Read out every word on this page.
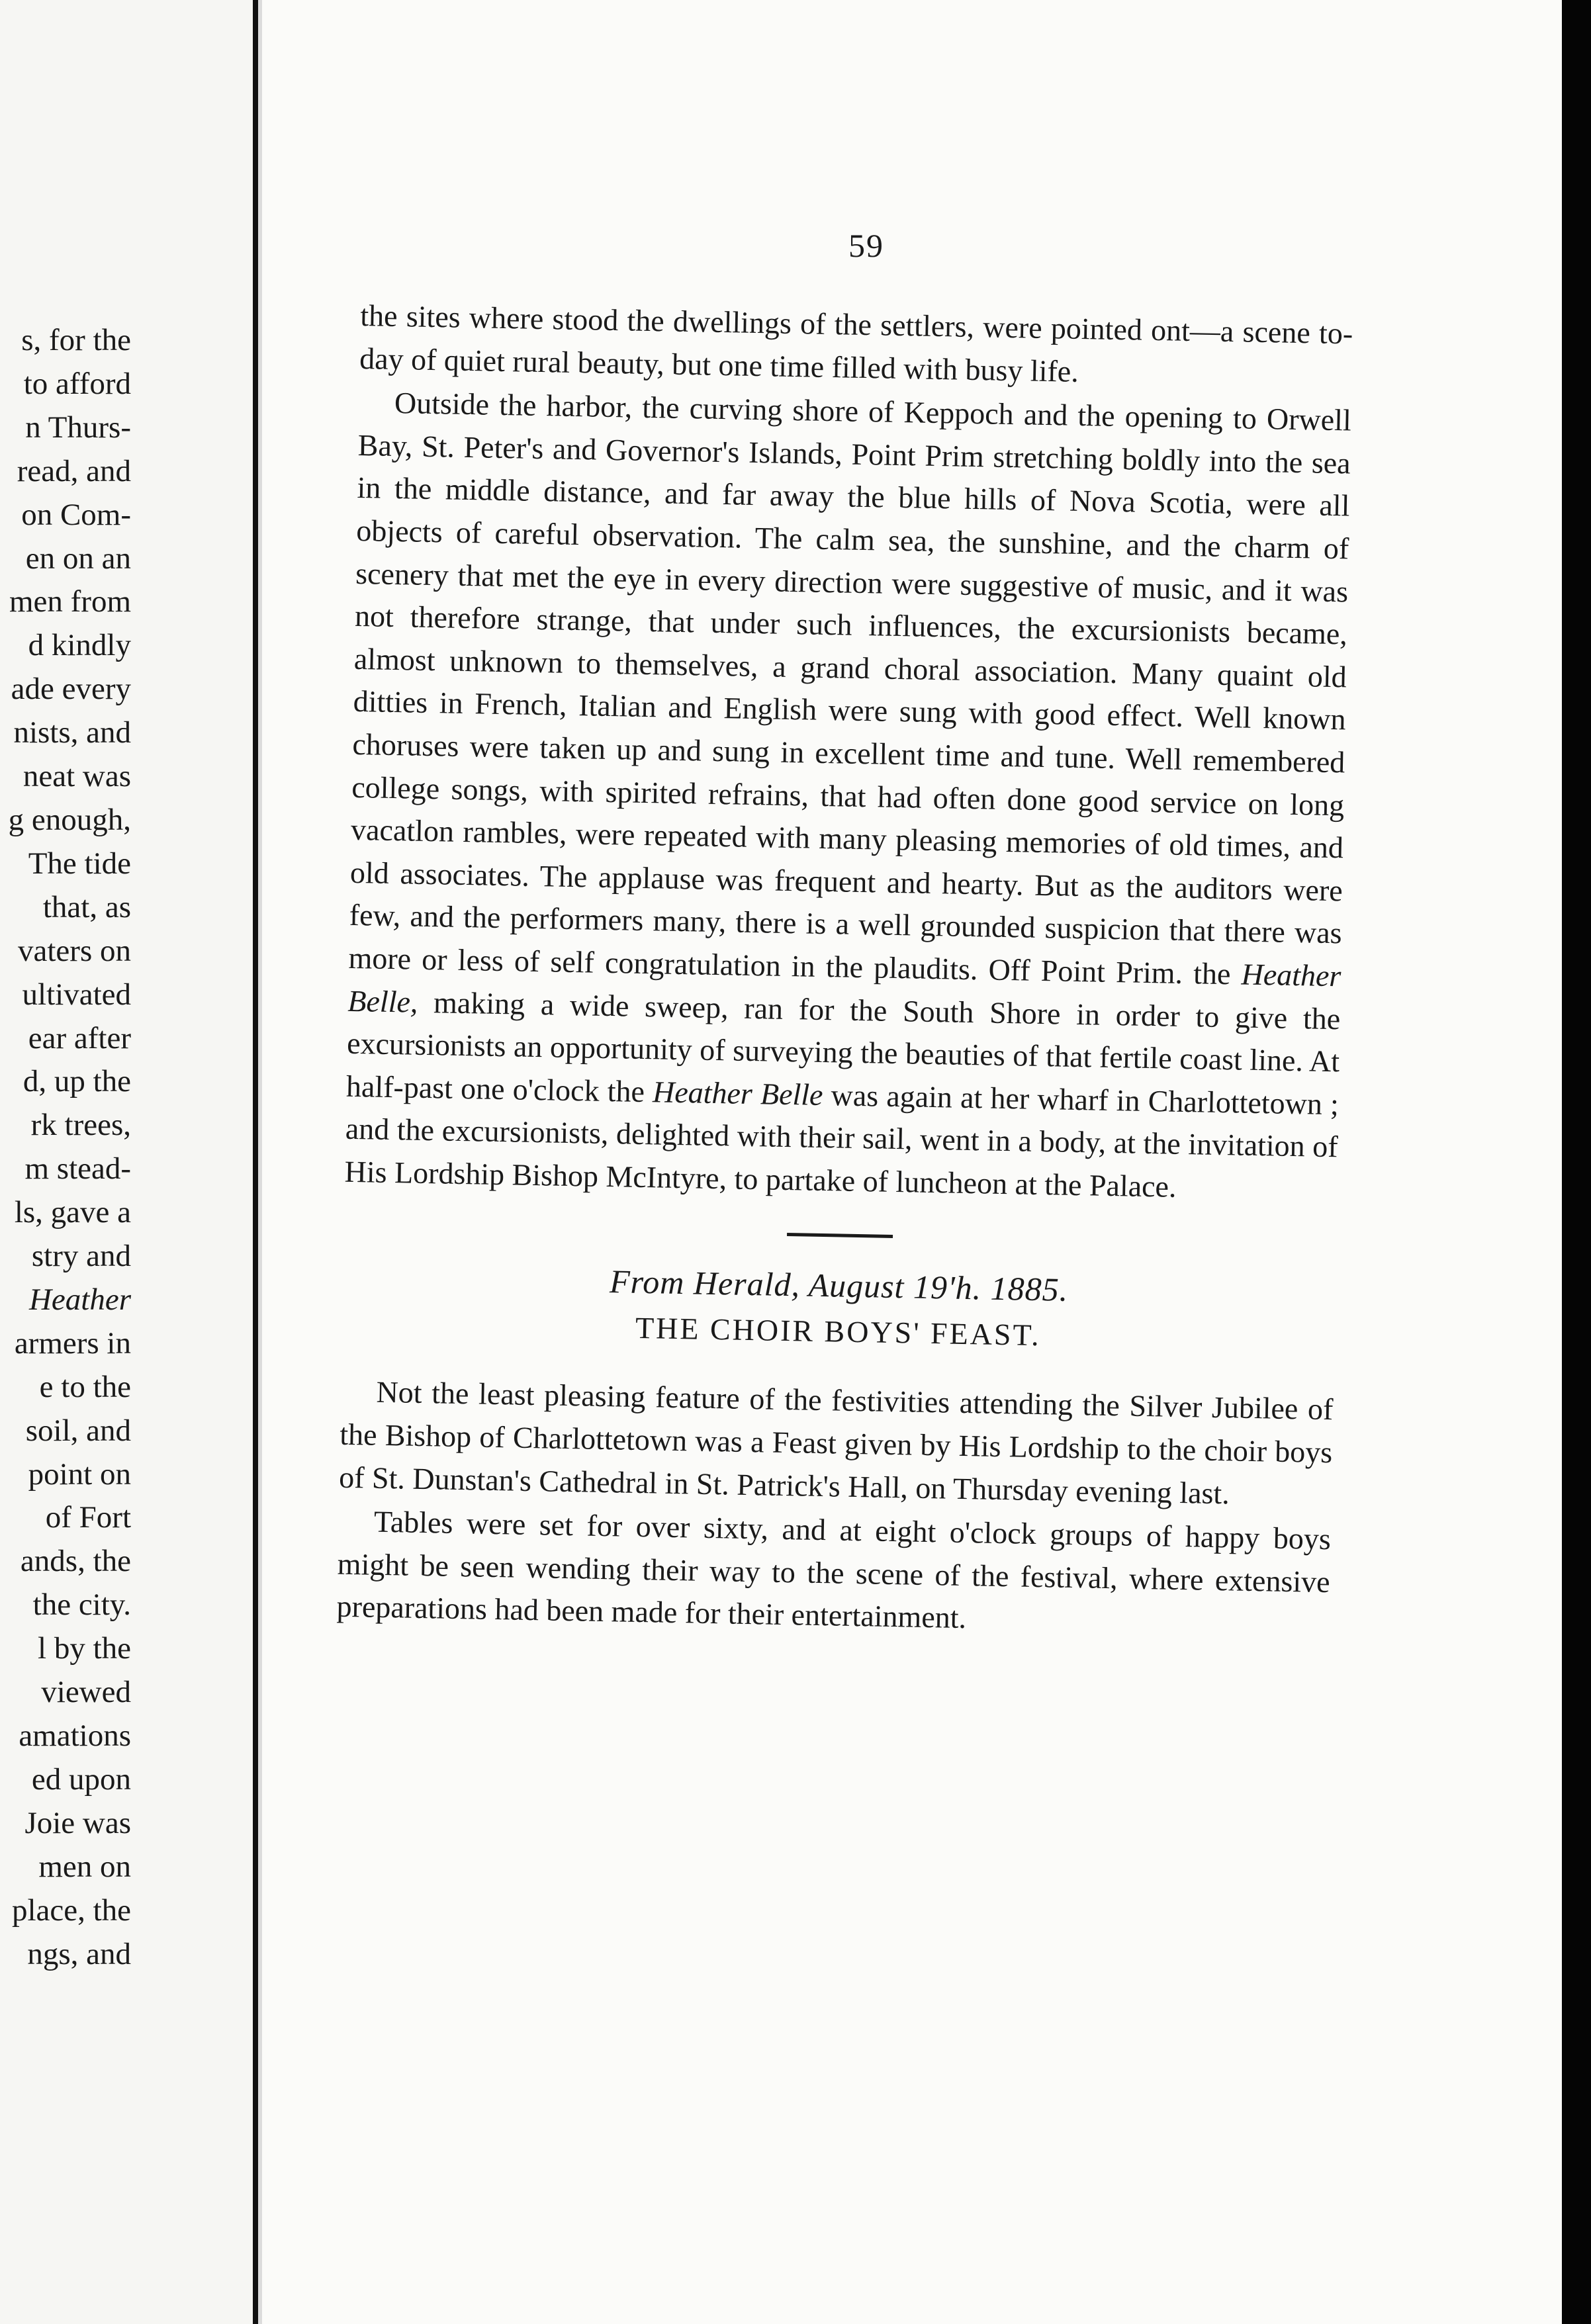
s, for the
to afford
n Thurs-
read, and
on Com-
en on an
men from
d kindly
ade every
nists, and
neat was
g enough,
The tide
that, as
vaters on
ultivated
ear after
d, up the
rk trees,
m stead-
ls, gave a
stry and
Heather
armers in
e to the
soil, and
point on
of Fort
ands, the
the city.
l by the
viewed
amations
ed upon
Joie was
men on
place, the
ngs, and
59

the sites where stood the dwellings of the settlers, were pointed ont—a scene to-day of quiet rural beauty, but one time filled with busy life.

Outside the harbor, the curving shore of Keppoch and the opening to Orwell Bay, St. Peter's and Governor's Islands, Point Prim stretching boldly into the sea in the middle distance, and far away the blue hills of Nova Scotia, were all objects of careful observation. The calm sea, the sunshine, and the charm of scenery that met the eye in every direction were suggestive of music, and it was not therefore strange, that under such influences, the excursionists became, almost unknown to themselves, a grand choral association. Many quaint old ditties in French, Italian and English were sung with good effect. Well known choruses were taken up and sung in excellent time and tune. Well remembered college songs, with spirited refrains, that had often done good service on long vacatlon rambles, were repeated with many pleasing memories of old times, and old associates. The applause was frequent and hearty. But as the auditors were few, and the performers many, there is a well grounded suspicion that there was more or less of self congratulation in the plaudits. Off Point Prim. the Heather Belle, making a wide sweep, ran for the South Shore in order to give the excursionists an opportunity of surveying the beauties of that fertile coast line. At half-past one o'clock the Heather Belle was again at her wharf in Charlottetown ; and the excursionists, delighted with their sail, went in a body, at the invitation of His Lordship Bishop McIntyre, to partake of luncheon at the Palace.

From Herald, August 19'h. 1885.
THE CHOIR BOYS' FEAST.

Not the least pleasing feature of the festivities attending the Silver Jubilee of the Bishop of Charlottetown was a Feast given by His Lordship to the choir boys of St. Dunstan's Cathedral in St. Patrick's Hall, on Thursday evening last.

Tables were set for over sixty, and at eight o'clock groups of happy boys might be seen wending their way to the scene of the festival, where extensive preparations had been made for their entertainment.
